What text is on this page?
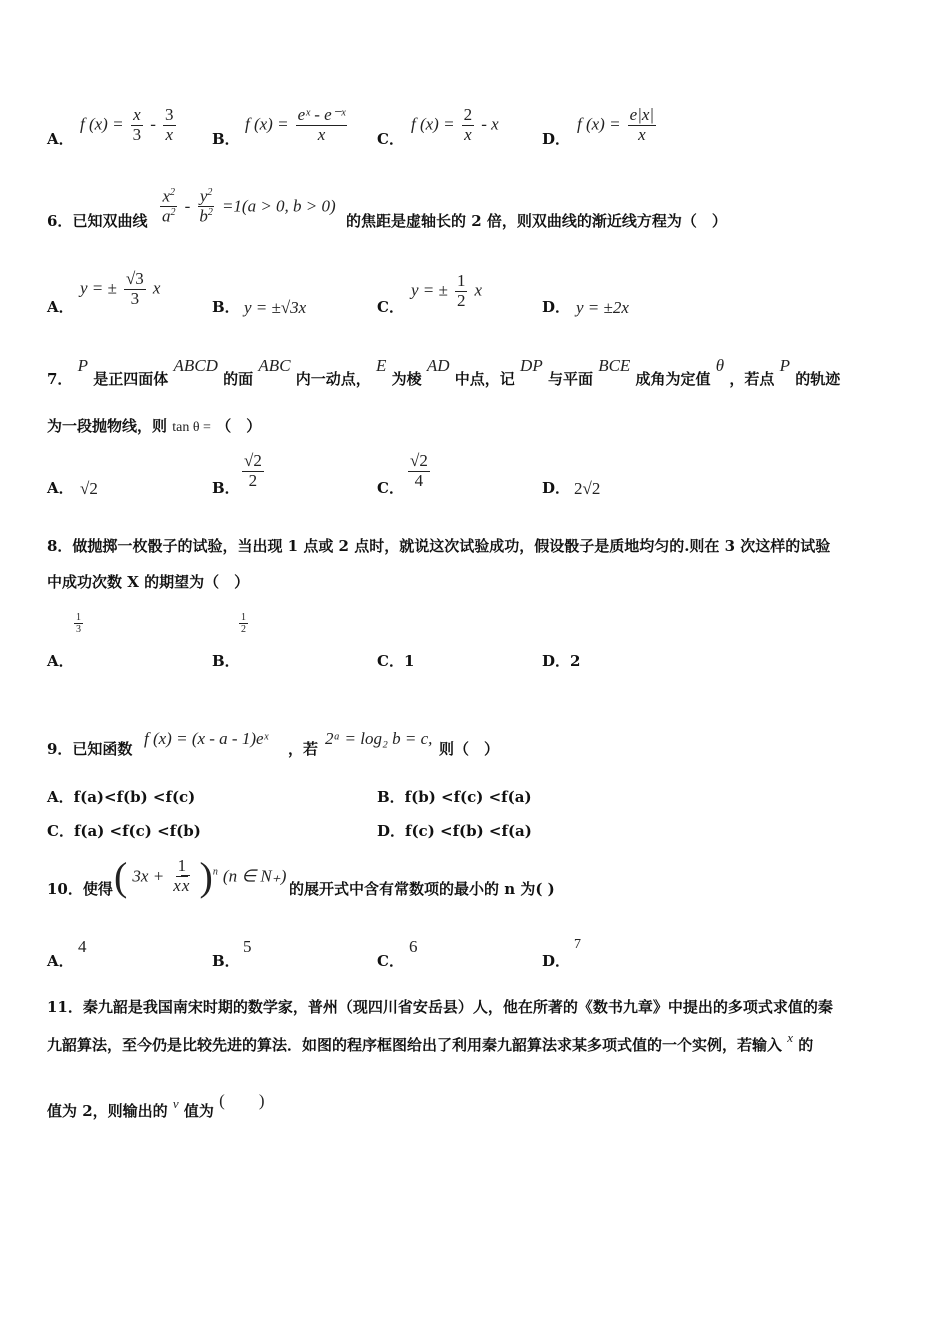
A．
f $(x) = \frac{x}{3} - \frac{3}{x}$ B．
f $(x) = \frac{\text{eˣ - e⁻ˣ}}{x}$ C．
f $(x) = \frac{2}{x} - x$
D．
f $(x) = \frac{e|x|}{x}$
6．已知双曲线 $\frac{x^2}{a^2} - \frac{y^2}{b^2} =1(a > 0$, b > 0)
的焦距是虚轴长的 2 倍，则双曲线的渐近线方程为（　）
A．
y = ± $\frac{√3}{3}$ x
B． y = ±√3x	C．
y = ± $\frac{1}{2}$ x
D． y = ±2x
7． P 是正四面体 ABCD 的面 ABC 内一动点， E 为棱 AD 中点，记 DP 与平面 BCE 成角为定值 θ ，若点 P 的轨迹
为一段抛物线，则 tan θ = （　）
A． √2	B． $\frac{√2}{2}$	C． $\frac{√2}{4}$	D． 2√2
8．做抛掷一枚骰子的试验，当出现 1 点或 2 点时，就说这次试验成功，假设骰子是质地均匀的.则在 3 次这样的试验
中成功次数 X 的期望为（　）
$\frac{1}{3}$
A．
$\frac{1}{2}$
B．	C．1	D．2
9．已知函数
f (x) = (x - a - 1)eˣ
，若
2ᵃ = log₂ b = c,
则（　）
A．f(a)<f(b) <f(c)	B．f(b) <f(c) <f(a)
C．f(a) <f(c) <f(b)	D．f(c) <f(b) <f(a)
10．使得 ( $3x + \frac{1}{xx} )^n$ (n ∈ N₊)
的展开式中含有常数项的最小的 n 为( )
A．
4
B．
5
C．
6
D．
7
11．秦九韶是我国南宋时期的数学家，普州（现四川省安岳县）人，他在所著的《数书九章》中提出的多项式求值的秦
九韶算法，至今仍是比较先进的算法．如图的程序框图给出了利用秦九韶算法求某多项式值的一个实例，若输入 x 的
值为 2，则输出的 v 值为 (　　)
